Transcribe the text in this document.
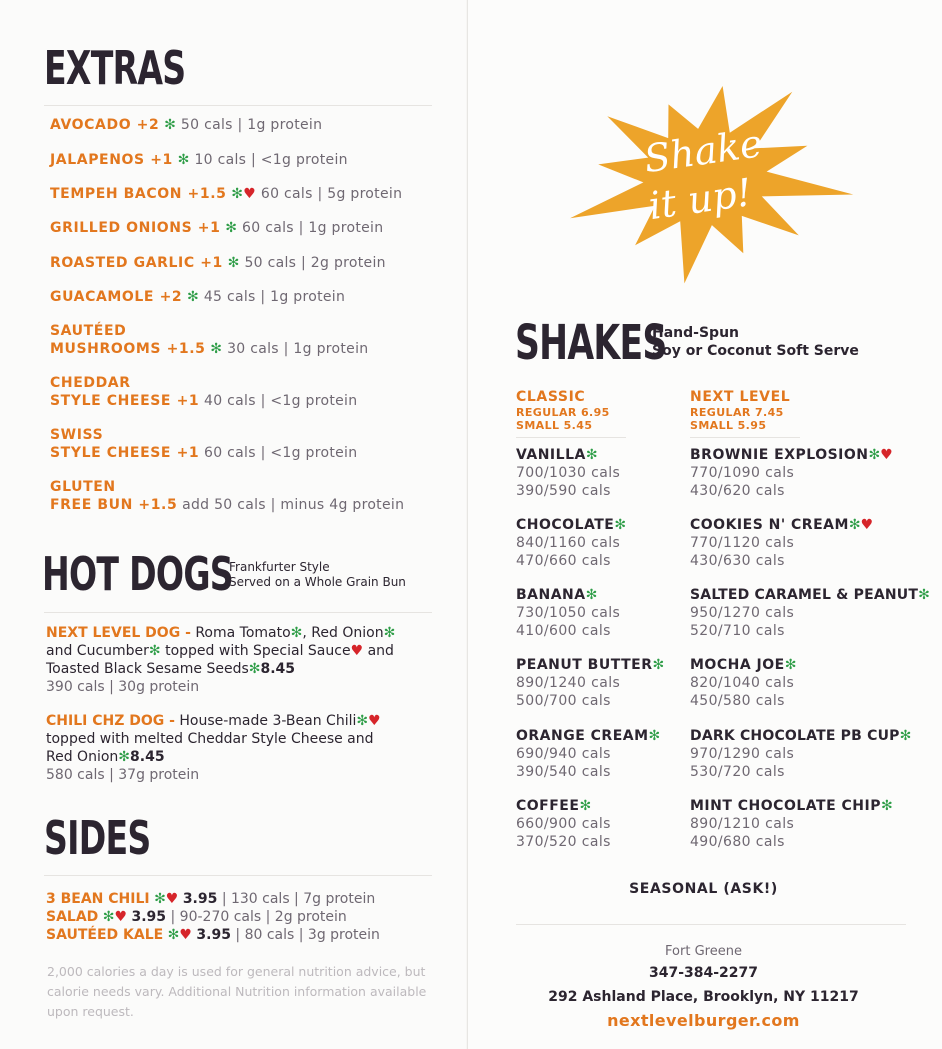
EXTRAS
AVOCADO +2 ✻ 50 cals | 1g protein
JALAPENOS +1 ✻ 10 cals | <1g protein
TEMPEH BACON +1.5 ✻♥ 60 cals | 5g protein
GRILLED ONIONS +1 ✻ 60 cals | 1g protein
ROASTED GARLIC +1 ✻ 50 cals | 2g protein
GUACAMOLE +2 ✻ 45 cals | 1g protein
SAUTÉED
MUSHROOMS +1.5 ✻ 30 cals | 1g protein
CHEDDAR
STYLE CHEESE +1 40 cals | <1g protein
SWISS
STYLE CHEESE +1 60 cals | <1g protein
GLUTEN
FREE BUN +1.5 add 50 cals | minus 4g protein
HOT DOGS
Frankfurter Style
Served on a Whole Grain Bun
NEXT LEVEL DOG - Roma Tomato✻, Red Onion✻
and Cucumber✻ topped with Special Sauce♥ and
Toasted Black Sesame Seeds✻8.45
390 cals | 30g protein
CHILI CHZ DOG - House-made 3-Bean Chili✻♥
topped with melted Cheddar Style Cheese and
Red Onion✻8.45
580 cals | 37g protein
SIDES
3 BEAN CHILI ✻♥ 3.95 | 130 cals | 7g protein
SALAD ✻♥ 3.95 | 90-270 cals | 2g protein
SAUTÉED KALE ✻♥ 3.95 | 80 cals | 3g protein
2,000 calories a day is used for general nutrition advice, but calorie needs vary. Additional Nutrition information available upon request.
Shake
it up!
SHAKES
Hand-Spun
Soy or Coconut Soft Serve
CLASSIC
REGULAR 6.95
SMALL 5.45
NEXT LEVEL
REGULAR 7.45
SMALL 5.95
VANILLA✻
700/1030 cals
390/590 cals
CHOCOLATE✻
840/1160 cals
470/660 cals
BANANA✻
730/1050 cals
410/600 cals
PEANUT BUTTER✻
890/1240 cals
500/700 cals
ORANGE CREAM✻
690/940 cals
390/540 cals
COFFEE✻
660/900 cals
370/520 cals
BROWNIE EXPLOSION✻♥
770/1090 cals
430/620 cals
COOKIES N' CREAM✻♥
770/1120 cals
430/630 cals
SALTED CARAMEL & PEANUT✻
950/1270 cals
520/710 cals
MOCHA JOE✻
820/1040 cals
450/580 cals
DARK CHOCOLATE PB CUP✻
970/1290 cals
530/720 cals
MINT CHOCOLATE CHIP✻
890/1210 cals
490/680 cals
SEASONAL (ASK!)
Fort Greene
347-384-2277
292 Ashland Place, Brooklyn, NY 11217
nextlevelburger.com
